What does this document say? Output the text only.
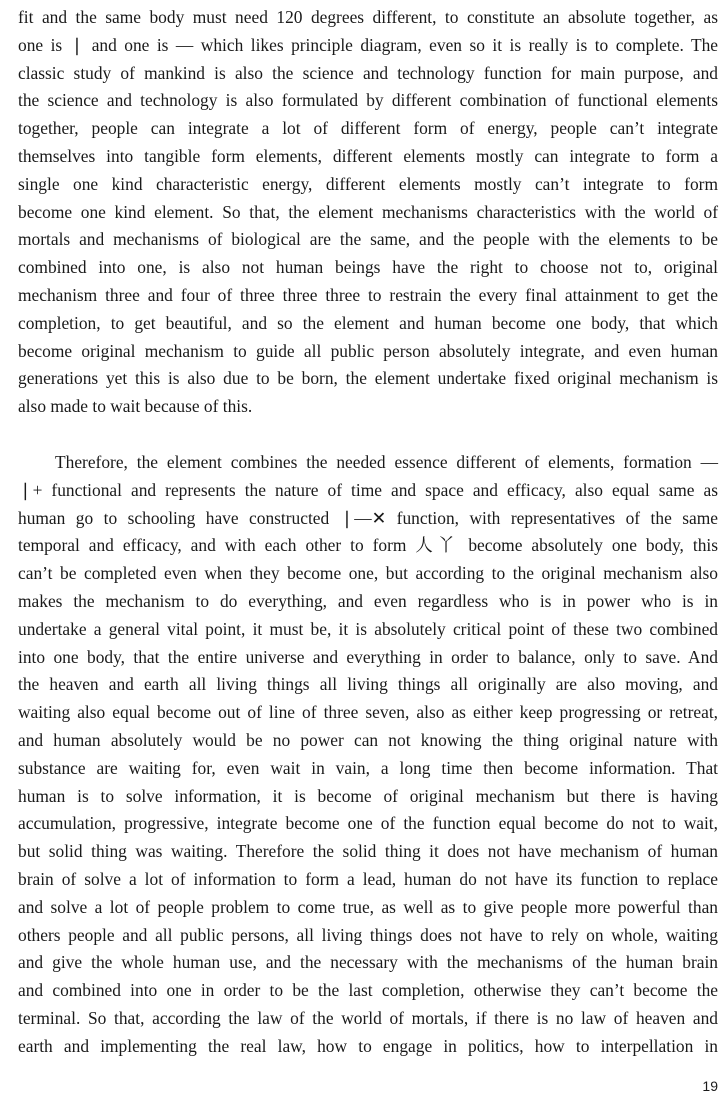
fit and the same body must need 120 degrees different, to constitute an absolute together, as
one is ❘ and one is — which likes principle diagram, even so it is really is to complete. The
classic study of mankind is also the science and technology function for main purpose, and
the science and technology is also formulated by different combination of functional elements
together, people can integrate a lot of different form of energy, people can’t integrate
themselves into tangible form elements, different elements mostly can integrate to form a
single one kind characteristic energy, different elements mostly can’t integrate to form
become one kind element. So that, the element mechanisms characteristics with the world of
mortals and mechanisms of biological are the same, and the people with the elements to be
combined into one, is also not human beings have the right to choose not to, original
mechanism three and four of three three three to restrain the every final attainment to get the
completion, to get beautiful, and so the element and human become one body, that which
become original mechanism to guide all public person absolutely integrate, and even human
generations yet this is also due to be born, the element undertake fixed original mechanism is
also made to wait because of this.
Therefore, the element combines the needed essence different of elements, formation —
❘+ functional and represents the nature of time and space and efficacy, also equal same as
human go to schooling have constructed ❘—✕ function, with representatives of the same
temporal and efficacy, and with each other to form 人丫 become absolutely one body, this
can’t be completed even when they become one, but according to the original mechanism also
makes the mechanism to do everything, and even regardless who is in power who is in
undertake a general vital point, it must be, it is absolutely critical point of these two combined
into one body, that the entire universe and everything in order to balance, only to save. And
the heaven and earth all living things all living things all originally are also moving, and
waiting also equal become out of line of three seven, also as either keep progressing or retreat,
and human absolutely would be no power can not knowing the thing original nature with
substance are waiting for, even wait in vain, a long time then become information. That
human is to solve information, it is become of original mechanism but there is having
accumulation, progressive, integrate become one of the function equal become do not to wait,
but solid thing was waiting. Therefore the solid thing it does not have mechanism of human
brain of solve a lot of information to form a lead, human do not have its function to replace
and solve a lot of people problem to come true, as well as to give people more powerful than
others people and all public persons, all living things does not have to rely on whole, waiting
and give the whole human use, and the necessary with the mechanisms of the human brain
and combined into one in order to be the last completion, otherwise they can’t become the
terminal. So that, according the law of the world of mortals, if there is no law of heaven and
earth and implementing the real law, how to engage in politics, how to interpellation in
19
